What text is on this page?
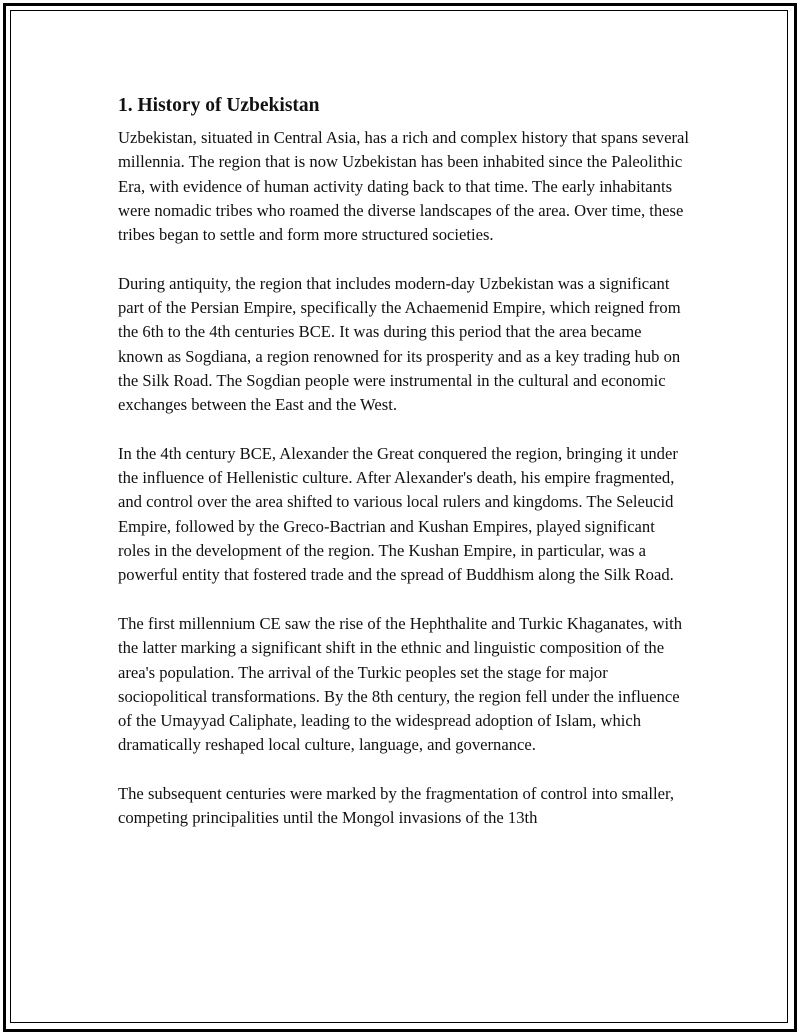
1. History of Uzbekistan

Uzbekistan, situated in Central Asia, has a rich and complex history that spans several millennia. The region that is now Uzbekistan has been inhabited since the Paleolithic Era, with evidence of human activity dating back to that time. The early inhabitants were nomadic tribes who roamed the diverse landscapes of the area. Over time, these tribes began to settle and form more structured societies.

During antiquity, the region that includes modern-day Uzbekistan was a significant part of the Persian Empire, specifically the Achaemenid Empire, which reigned from the 6th to the 4th centuries BCE. It was during this period that the area became known as Sogdiana, a region renowned for its prosperity and as a key trading hub on the Silk Road. The Sogdian people were instrumental in the cultural and economic exchanges between the East and the West.

In the 4th century BCE, Alexander the Great conquered the region, bringing it under the influence of Hellenistic culture. After Alexander's death, his empire fragmented, and control over the area shifted to various local rulers and kingdoms. The Seleucid Empire, followed by the Greco-Bactrian and Kushan Empires, played significant roles in the development of the region. The Kushan Empire, in particular, was a powerful entity that fostered trade and the spread of Buddhism along the Silk Road.

The first millennium CE saw the rise of the Hephthalite and Turkic Khaganates, with the latter marking a significant shift in the ethnic and linguistic composition of the area's population. The arrival of the Turkic peoples set the stage for major sociopolitical transformations. By the 8th century, the region fell under the influence of the Umayyad Caliphate, leading to the widespread adoption of Islam, which dramatically reshaped local culture, language, and governance.

The subsequent centuries were marked by the fragmentation of control into smaller, competing principalities until the Mongol invasions of the 13th
